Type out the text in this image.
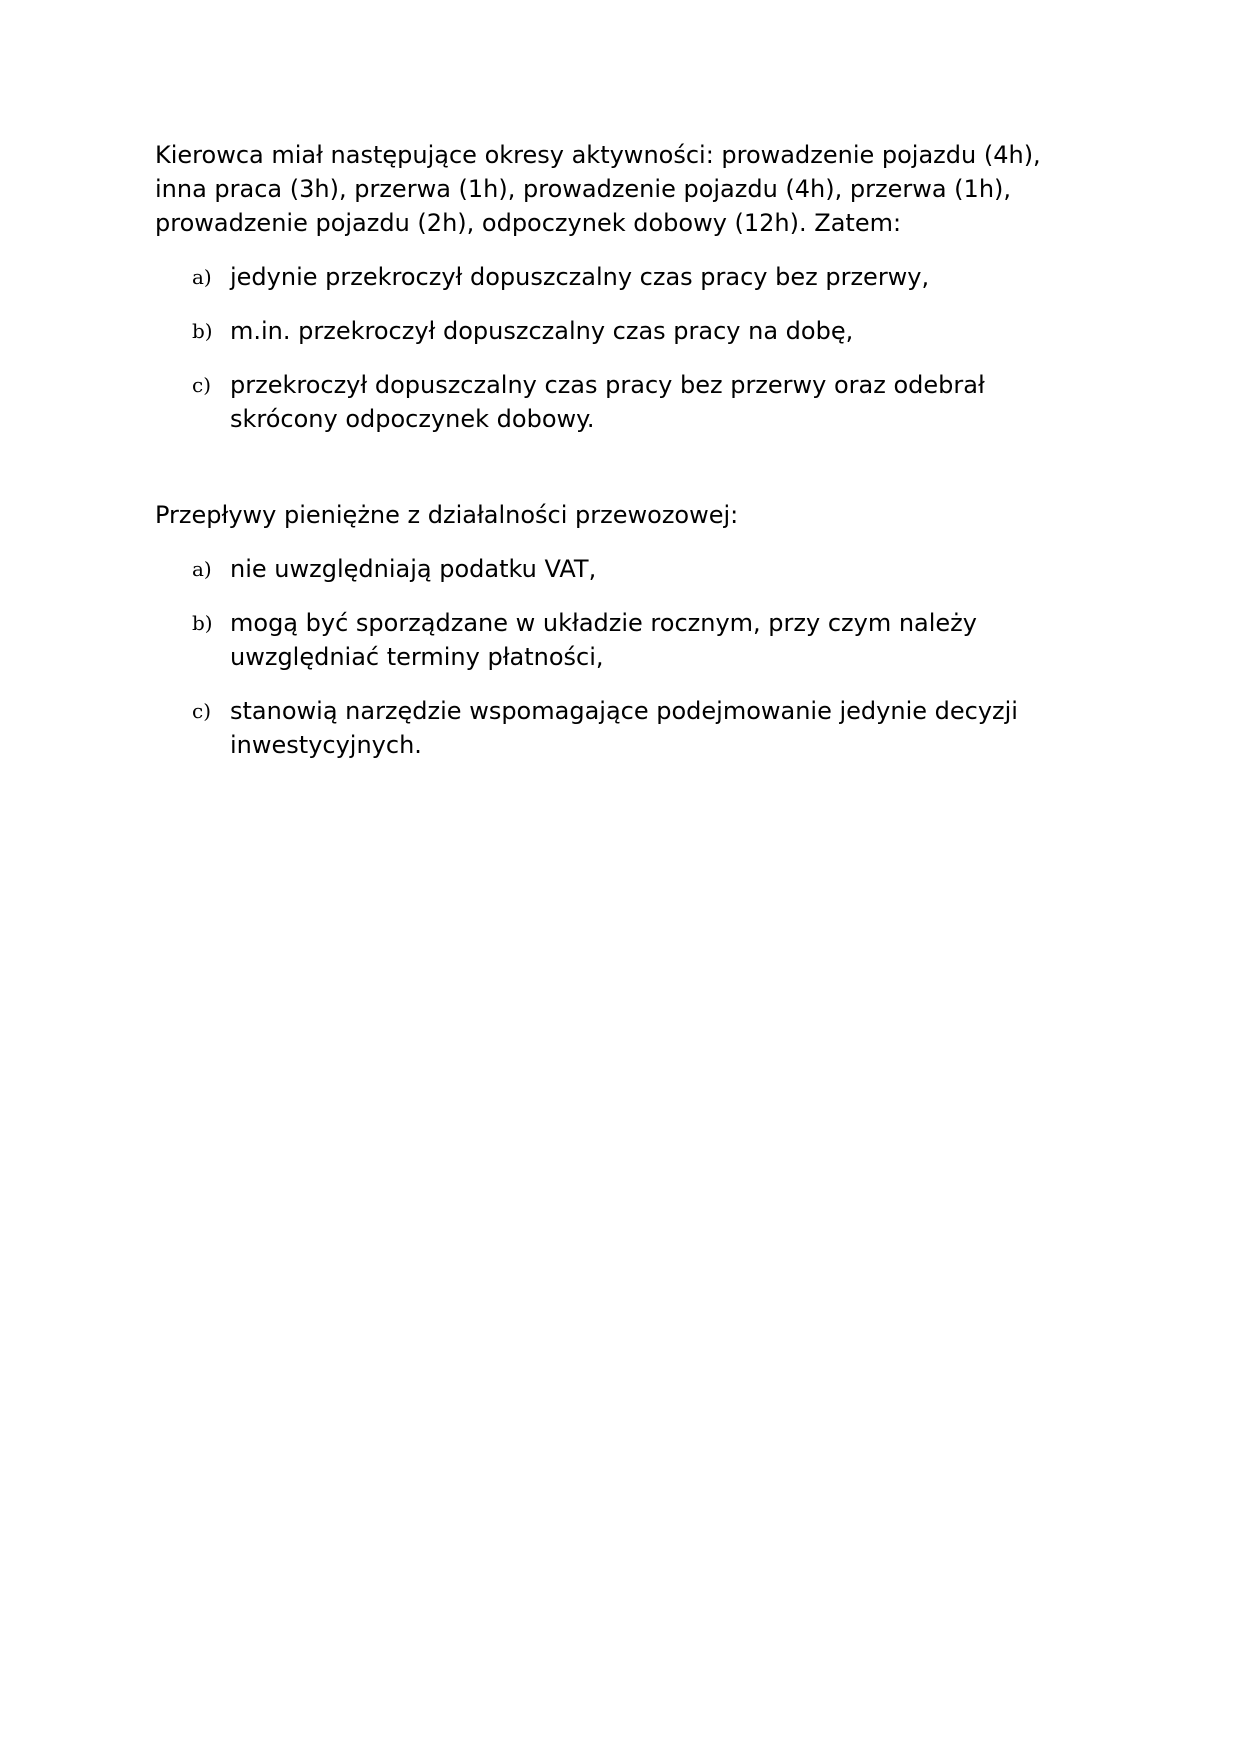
Kierowca miał następujące okresy aktywności: prowadzenie pojazdu (4h), inna praca (3h), przerwa (1h), prowadzenie pojazdu (4h), przerwa (1h), prowadzenie pojazdu (2h), odpoczynek dobowy (12h). Zatem:

a) jedynie przekroczył dopuszczalny czas pracy bez przerwy,
b) m.in. przekroczył dopuszczalny czas pracy na dobę,
c) przekroczył dopuszczalny czas pracy bez przerwy oraz odebrał skrócony odpoczynek dobowy.

Przepływy pieniężne z działalności przewozowej:

a) nie uwzględniają podatku VAT,
b) mogą być sporządzane w układzie rocznym, przy czym należy uwzględniać terminy płatności,
c) stanowią narzędzie wspomagające podejmowanie jedynie decyzji inwestycyjnych.
